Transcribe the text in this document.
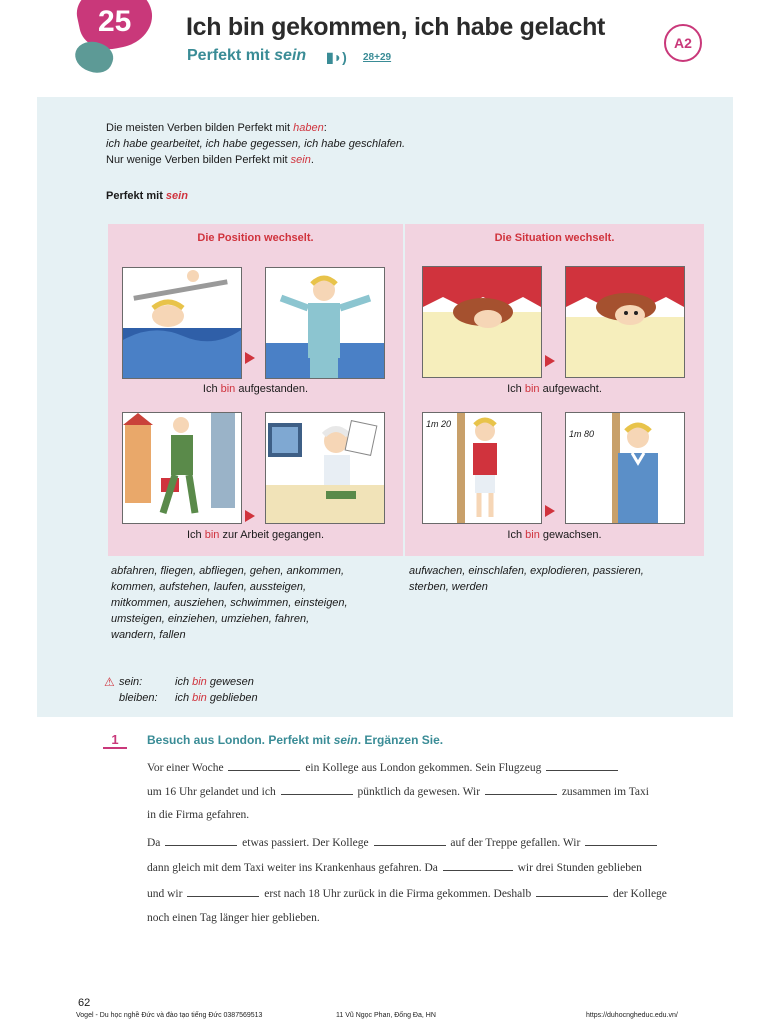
25 Ich bin gekommen, ich habe gelacht
Perfekt mit sein ▮◗) 28+29
A2
Die meisten Verben bilden Perfekt mit haben:
ich habe gearbeitet, ich habe gegessen, ich habe geschlafen.
Nur wenige Verben bilden Perfekt mit sein.
Perfekt mit sein
Die Position wechselt.
Ich bin aufgestanden.
Ich bin zur Arbeit gegangen.
Die Situation wechselt.
Ich bin aufgewacht.
1m 20
1m 80
Ich bin gewachsen.
abfahren, fliegen, abfliegen, gehen, ankommen,
kommen, aufstehen, laufen, aussteigen,
mitkommen, ausziehen, schwimmen, einsteigen,
umsteigen, einziehen, umziehen, fahren,
wandern, fallen
aufwachen, einschlafen, explodieren, passieren,
sterben, werden
⚠ sein:	ich bin gewesen
bleiben: ich bin geblieben
1	Besuch aus London. Perfekt mit sein. Ergänzen Sie.
Vor einer Woche	ein Kollege aus London gekommen. Sein Flugzeug
um 16 Uhr gelandet und ich	pünktlich da gewesen. Wir	zusammen im Taxi
in die Firma gefahren.
Da	etwas passiert. Der Kollege	auf der Treppe gefallen. Wir
dann gleich mit dem Taxi weiter ins Krankenhaus gefahren. Da	wir drei Stunden geblieben
und wir	erst nach 18 Uhr zurück in die Firma gekommen. Deshalb	der Kollege
noch einen Tag länger hier geblieben.
62
Vogel - Du học nghề Đức và đào tạo tiếng Đức 0387569513	11 Vũ Ngọc Phan, Đống Đa, HN	https://duhocngheduc.edu.vn/
